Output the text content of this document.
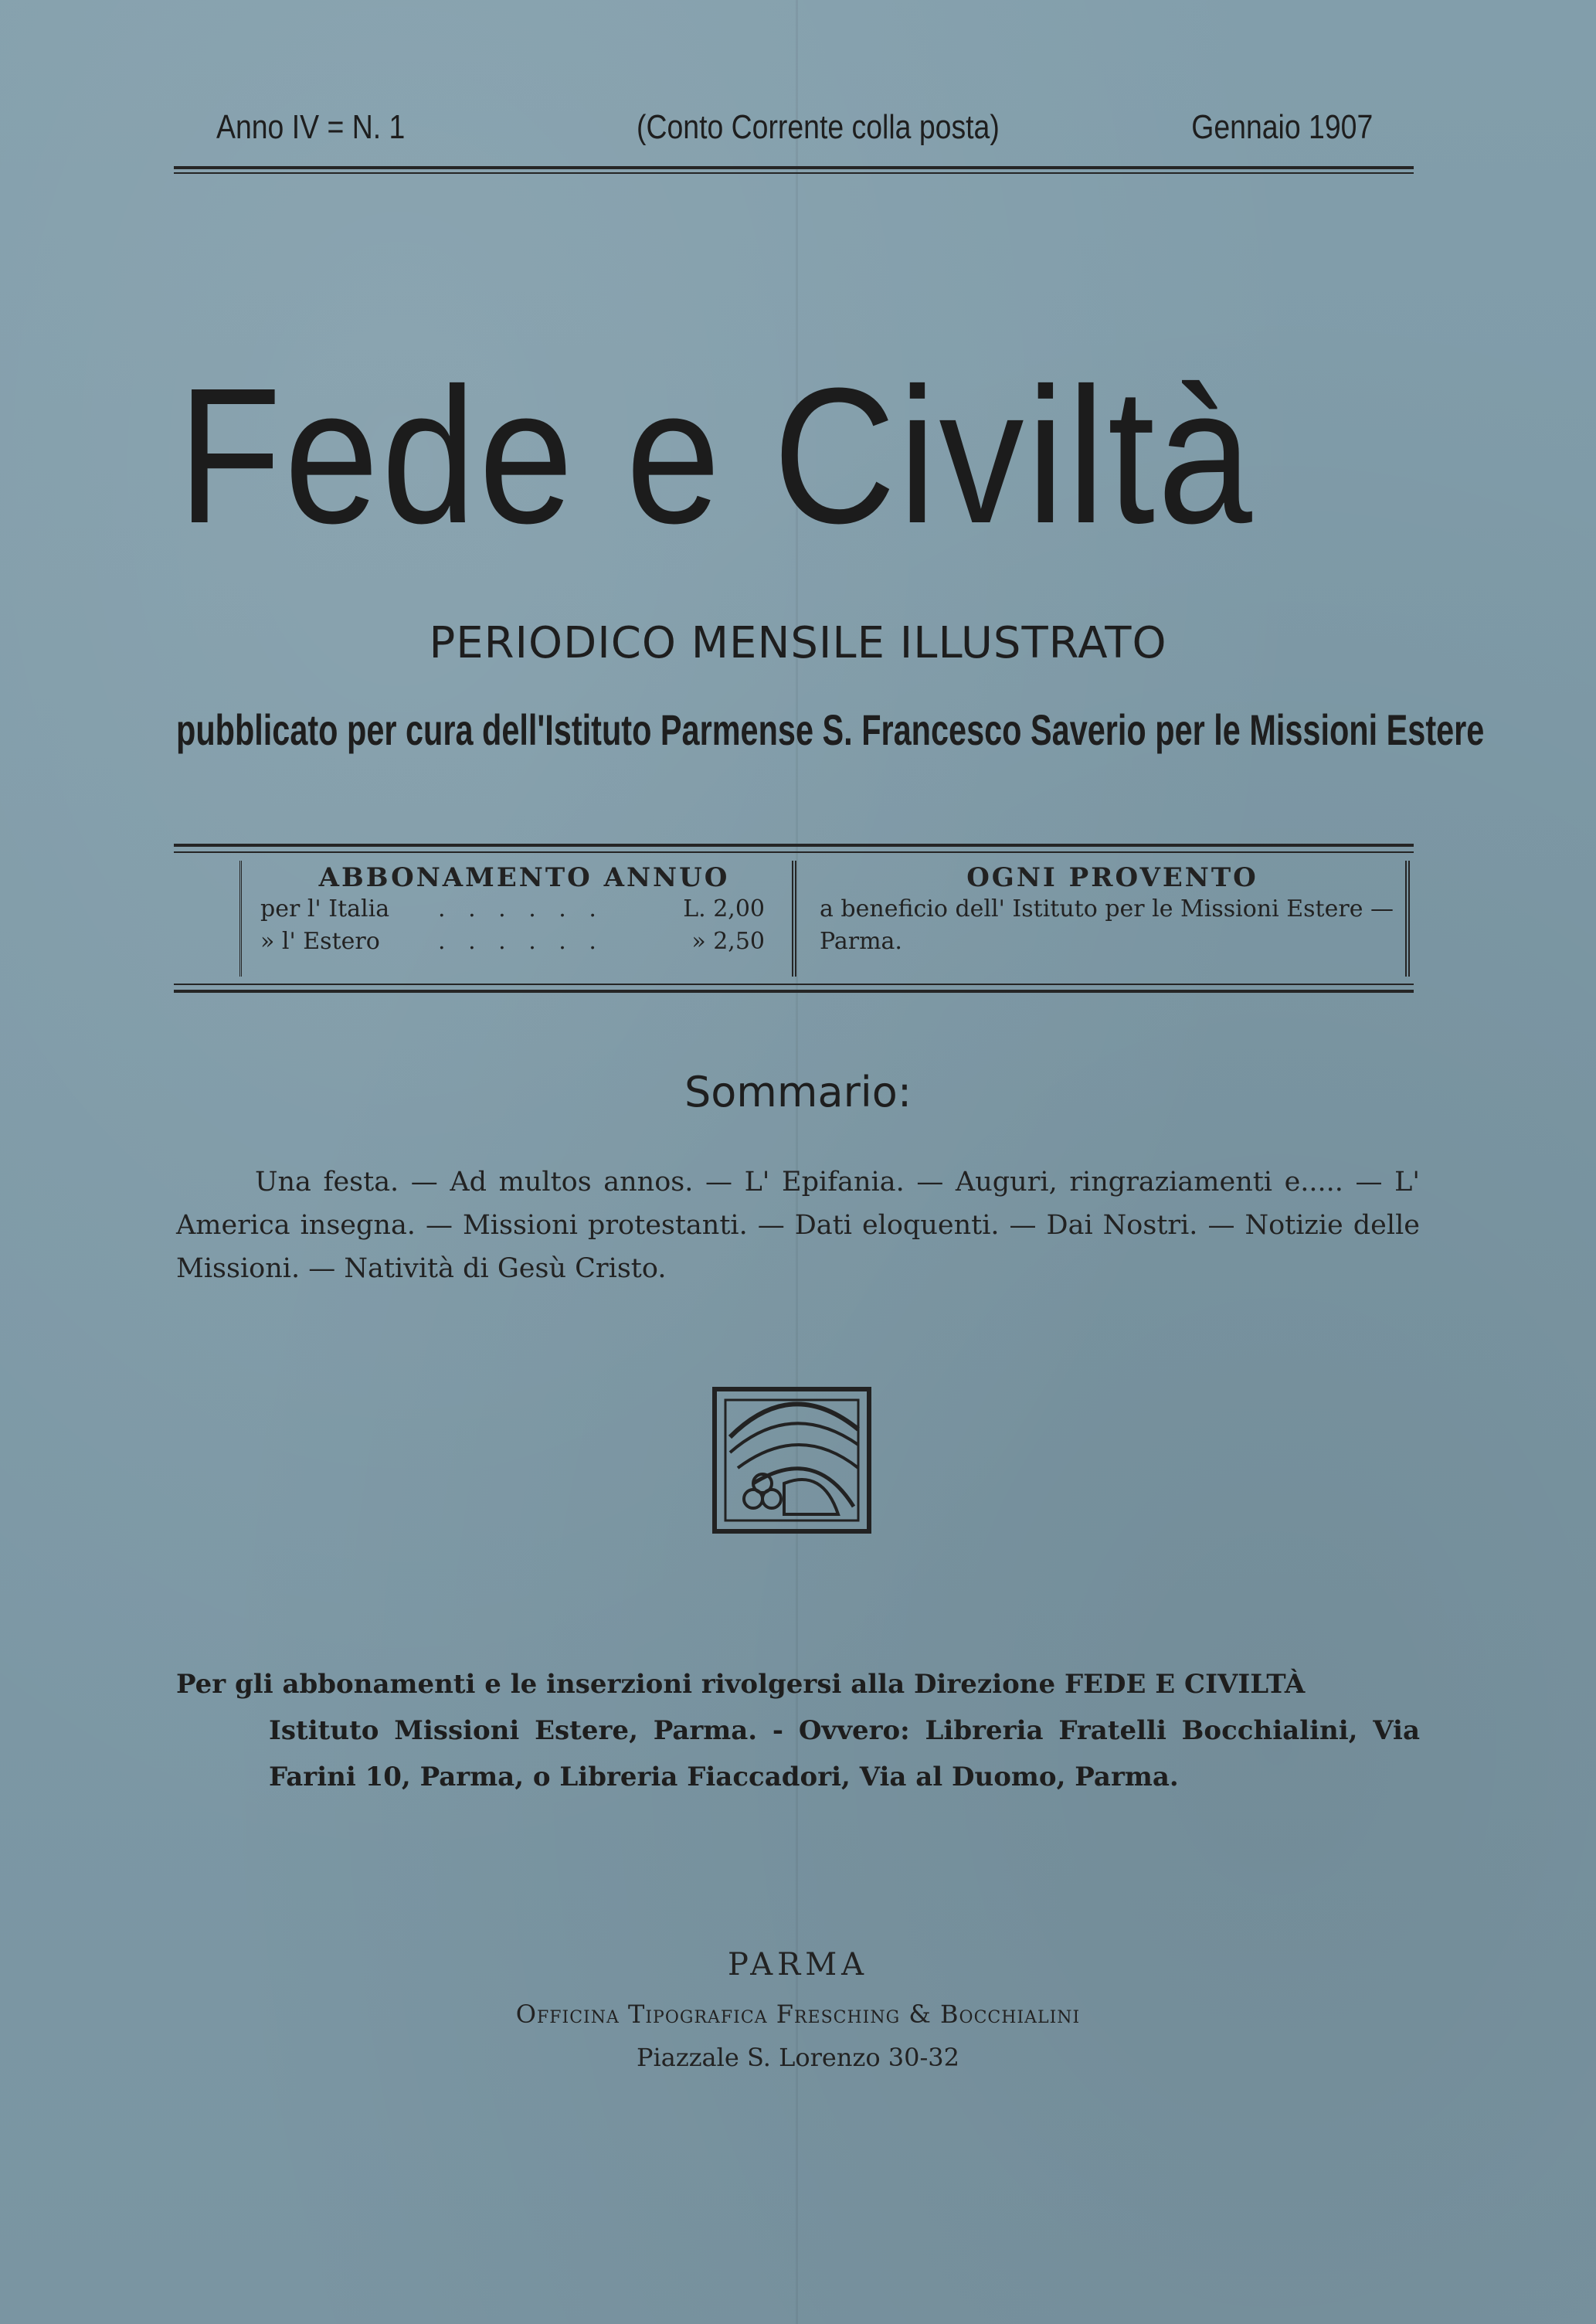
Anno IV = N. 1	(Conto Corrente colla posta)	Gennaio 1907
Fede e Civiltà
PERIODICO MENSILE ILLUSTRATO
pubblicato per cura dell'Istituto Parmense S. Francesco Saverio per le Missioni Estere
ABBONAMENTO ANNUO
per l' Italia . . . . . .	L. 2,00
» l' Estero	. . . . . .	» 2,50
OGNI PROVENTO
a beneficio dell' Istituto per le Missioni Estere — Parma.
Sommario:

Una festa. — Ad multos annos. — L' Epifania. — Auguri, ringraziamenti e..... — L' America insegna. — Missioni protestanti. — Dati eloquenti. — Dai Nostri. — Notizie delle Missioni. — Natività di Gesù Cristo.

Per gli abbonamenti e le inserzioni rivolgersi alla Direzione FEDE E CIVILTÀ

Istituto Missioni Estere, Parma. - Ovvero: Libreria Fratelli Bocchialini, Via Farini 10, Parma, o Libreria Fiaccadori, Via al Duomo, Parma.

PARMA
Officina Tipografica Fresching & Bocchialini
Piazzale S. Lorenzo 30-32
